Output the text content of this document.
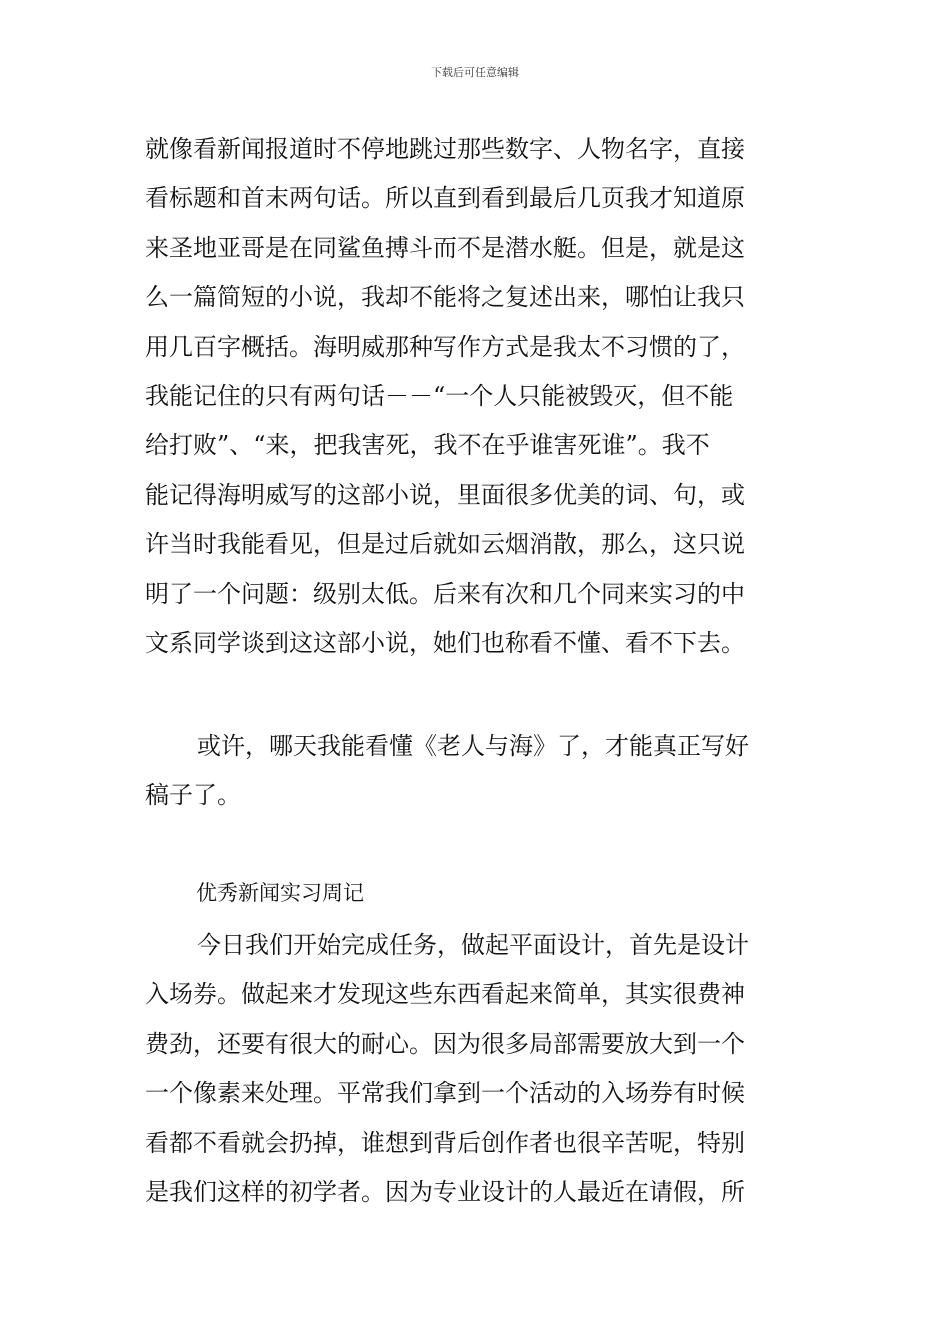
下载后可任意编辑
就像看新闻报道时不停地跳过那些数字、人物名字，直接
看标题和首末两句话。所以直到看到最后几页我才知道原
来圣地亚哥是在同鲨鱼搏斗而不是潜水艇。但是，就是这
么一篇简短的小说，我却不能将之复述出来，哪怕让我只
用几百字概括。海明威那种写作方式是我太不习惯的了，
我能记住的只有两句话－－“一个人只能被毁灭，但不能
给打败”、“来，把我害死，我不在乎谁害死谁”。我不
能记得海明威写的这部小说，里面很多优美的词、句，或
许当时我能看见，但是过后就如云烟消散，那么，这只说
明了一个问题：级别太低。后来有次和几个同来实习的中
文系同学谈到这这部小说，她们也称看不懂、看不下去。
或许，哪天我能看懂《老人与海》了，才能真正写好
稿子了。
优秀新闻实习周记
今日我们开始完成任务，做起平面设计，首先是设计
入场券。做起来才发现这些东西看起来简单，其实很费神
费劲，还要有很大的耐心。因为很多局部需要放大到一个
一个像素来处理。平常我们拿到一个活动的入场券有时候
看都不看就会扔掉，谁想到背后创作者也很辛苦呢，特别
是我们这样的初学者。因为专业设计的人最近在请假，所
